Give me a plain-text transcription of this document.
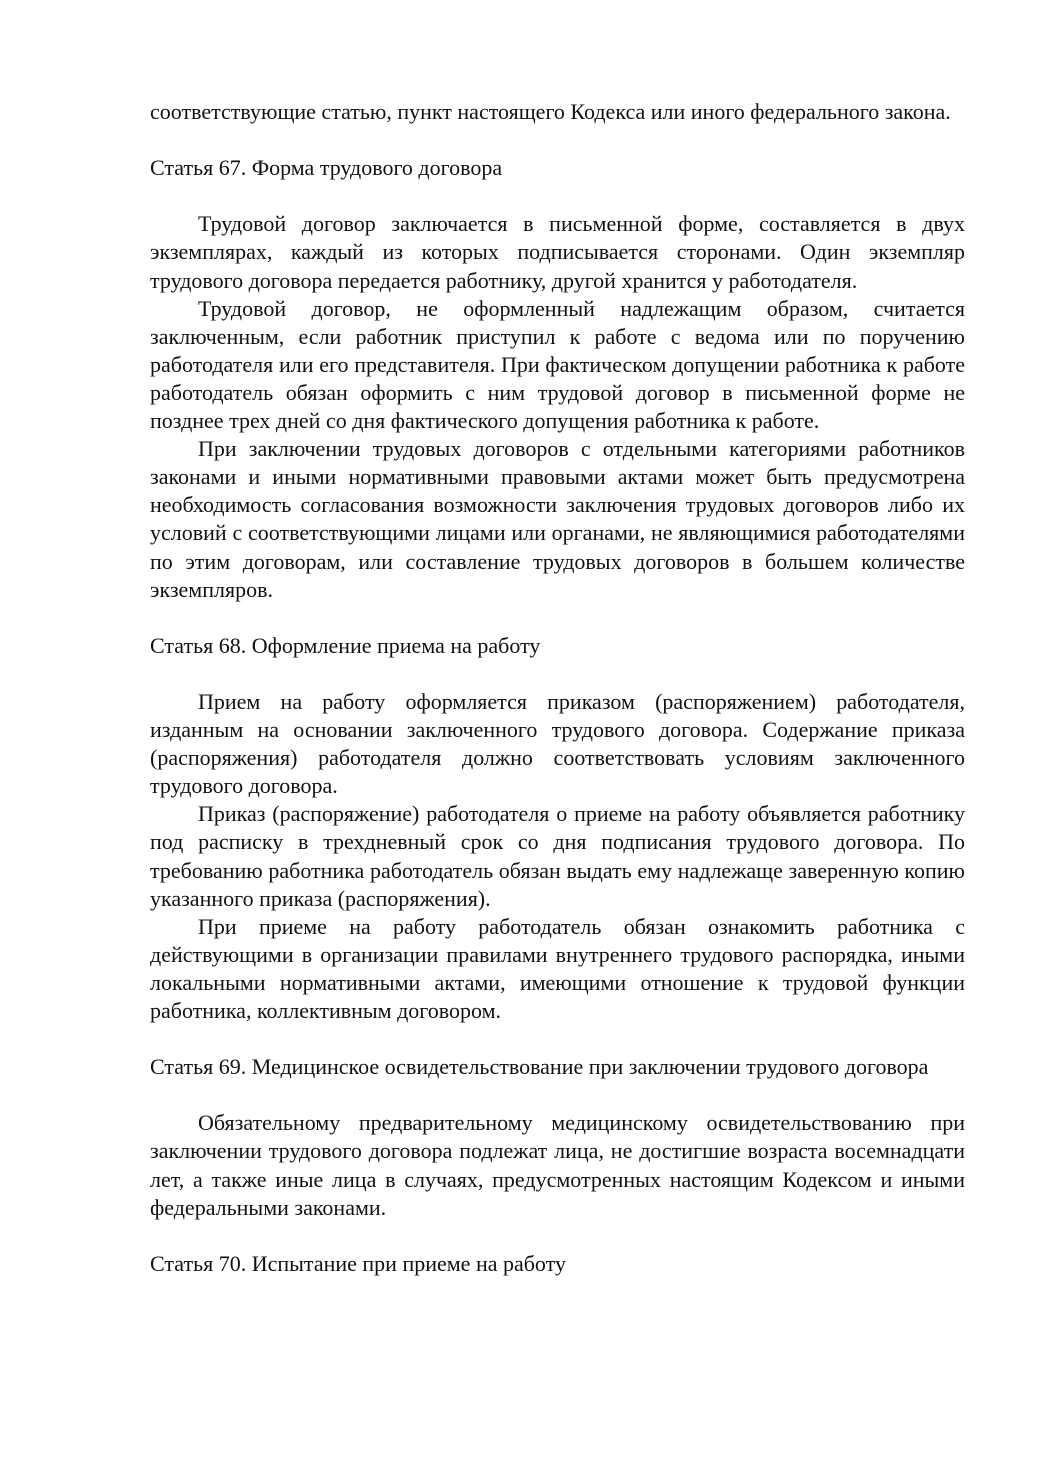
соответствующие статью, пункт настоящего Кодекса или иного федерального закона.

Статья 67. Форма трудового договора

Трудовой договор заключается в письменной форме, составляется в двух экземплярах, каждый из которых подписывается сторонами. Один экземпляр трудового договора передается работнику, другой хранится у работодателя.

Трудовой договор, не оформленный надлежащим образом, считается заключенным, если работник приступил к работе с ведома или по поручению работодателя или его представителя. При фактическом допущении работника к работе работодатель обязан оформить с ним трудовой договор в письменной форме не позднее трех дней со дня фактического допущения работника к работе.

При заключении трудовых договоров с отдельными категориями работников законами и иными нормативными правовыми актами может быть предусмотрена необходимость согласования возможности заключения трудовых договоров либо их условий с соответствующими лицами или органами, не являющимися работодателями по этим договорам, или составление трудовых договоров в большем количестве экземпляров.

Статья 68. Оформление приема на работу

Прием на работу оформляется приказом (распоряжением) работодателя, изданным на основании заключенного трудового договора. Содержание приказа (распоряжения) работодателя должно соответствовать условиям заключенного трудового договора.

Приказ (распоряжение) работодателя о приеме на работу объявляется работнику под расписку в трехдневный срок со дня подписания трудового договора. По требованию работника работодатель обязан выдать ему надлежаще заверенную копию указанного приказа (распоряжения).

При приеме на работу работодатель обязан ознакомить работника с действующими в организации правилами внутреннего трудового распорядка, иными локальными нормативными актами, имеющими отношение к трудовой функции работника, коллективным договором.

Статья 69. Медицинское освидетельствование при заключении трудового договора

Обязательному предварительному медицинскому освидетельствованию при заключении трудового договора подлежат лица, не достигшие возраста восемнадцати лет, а также иные лица в случаях, предусмотренных настоящим Кодексом и иными федеральными законами.

Статья 70. Испытание при приеме на работу
